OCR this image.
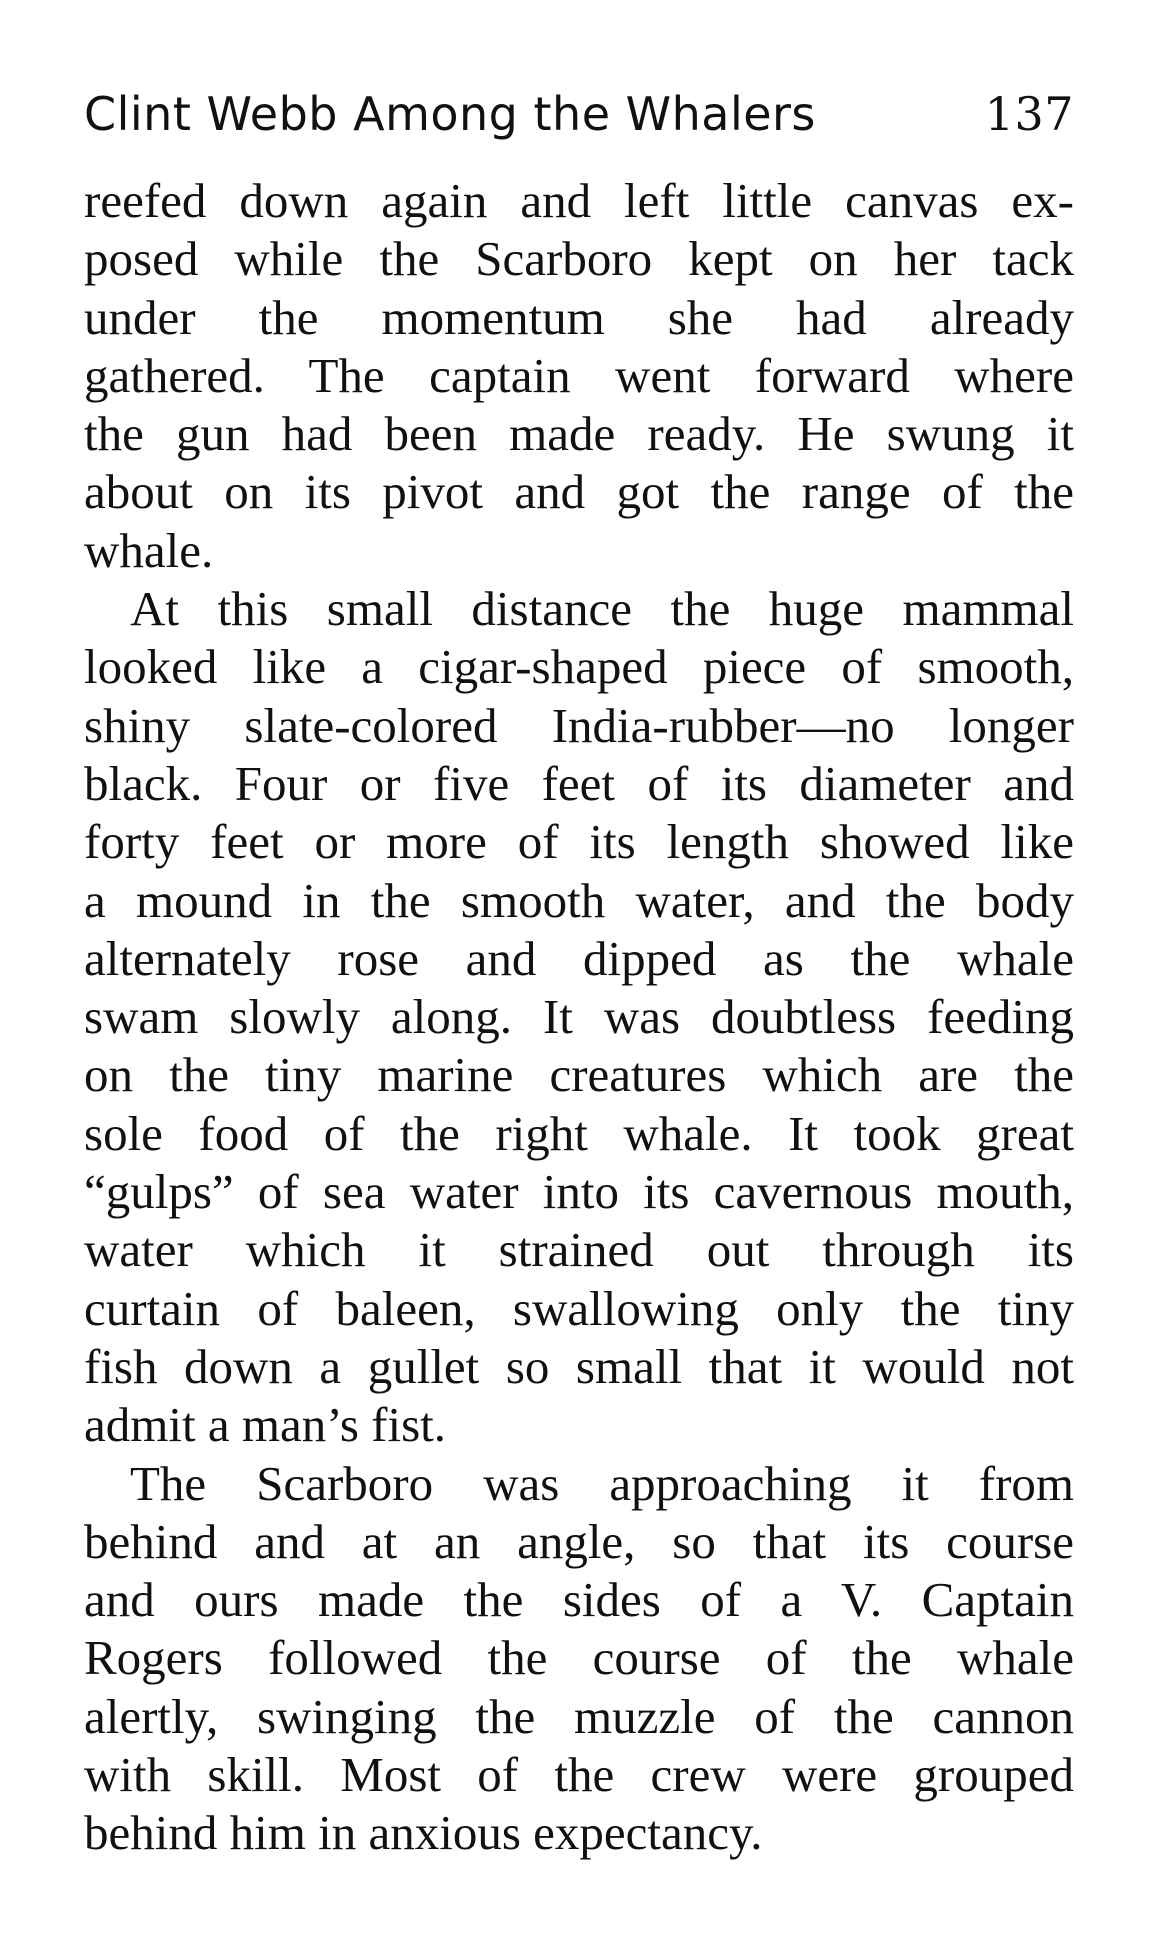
Clint Webb Among the Whalers	137

reefed down again and left little canvas ex-
posed while the Scarboro kept on her tack
under the momentum she had already
gathered. The captain went forward where
the gun had been made ready. He swung it
about on its pivot and got the range of the
whale.

At this small distance the huge mammal
looked like a cigar-shaped piece of smooth,
shiny slate-colored India-rubber—no longer
black. Four or five feet of its diameter and
forty feet or more of its length showed like
a mound in the smooth water, and the body
alternately rose and dipped as the whale
swam slowly along. It was doubtless feeding
on the tiny marine creatures which are the
sole food of the right whale. It took great
“gulps” of sea water into its cavernous mouth,
water which it strained out through its
curtain of baleen, swallowing only the tiny
fish down a gullet so small that it would not
admit a man’s fist.

The Scarboro was approaching it from
behind and at an angle, so that its course
and ours made the sides of a V. Captain
Rogers followed the course of the whale
alertly, swinging the muzzle of the cannon
with skill. Most of the crew were grouped
behind him in anxious expectancy.
